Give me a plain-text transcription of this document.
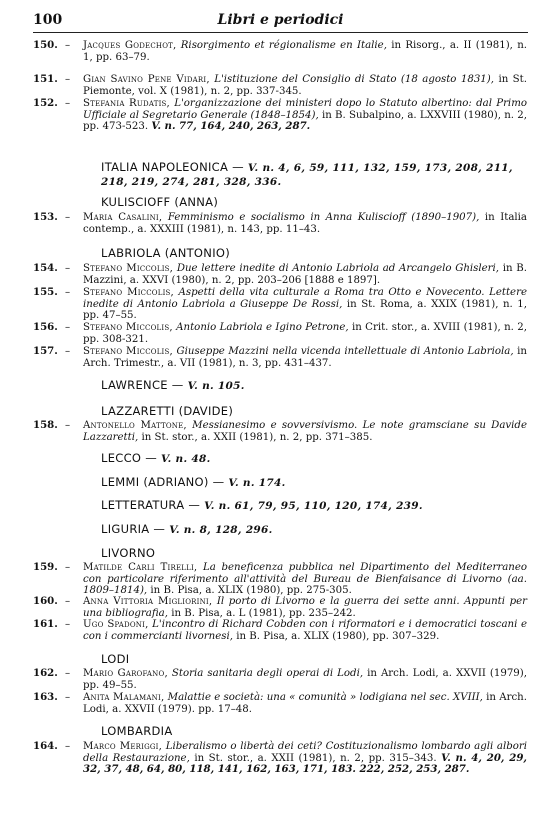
100	Libri e periodici
150. – Jacques Godechot, Risorgimento et régionalisme en Italie, in Risorg., a. II (1981), n. 1, pp. 63–79.
151. – Gian Savino Pene Vidari, L'istituzione del Consiglio di Stato (18 agosto 1831), in St. Piemonte, vol. X (1981), n. 2, pp. 337-345.
152. – Stefania Rudatis, L'organizzazione dei ministeri dopo lo Statuto albertino: dal Primo Ufficiale al Segretario Generale (1848–1854), in B. Subalpino, a. LXXVIII (1980), n. 2, pp. 473-523. V. n. 77, 164, 240, 263, 287.
ITALIA NAPOLEONICA — V. n. 4, 6, 59, 111, 132, 159, 173, 208, 211, 218, 219, 274, 281, 328, 336.
KULISCIOFF (ANNA)
153. – Maria Casalini, Femminismo e socialismo in Anna Kuliscioff (1890–1907), in Italia contemp., a. XXXIII (1981), n. 143, pp. 11–43.
LABRIOLA (ANTONIO)
154. – Stefano Miccolis, Due lettere inedite di Antonio Labriola ad Arcangelo Ghisleri, in B. Mazzini, a. XXVI (1980), n. 2, pp. 203–206 [1888 e 1897].
155. – Stefano Miccolis, Aspetti della vita culturale a Roma tra Otto e Novecento. Lettere inedite di Antonio Labriola a Giuseppe De Rossi, in St. Roma, a. XXIX (1981), n. 1, pp. 47–55.
156. – Stefano Miccolis, Antonio Labriola e Igino Petrone, in Crit. stor., a. XVIII (1981), n. 2, pp. 308-321.
157. – Stefano Miccolis, Giuseppe Mazzini nella vicenda intellettuale di Antonio Labriola, in Arch. Trimestr., a. VII (1981), n. 3, pp. 431–437.
LAWRENCE — V. n. 105.
LAZZARETTI (DAVIDE)
158. – Antonello Mattone, Messianesimo e sovversivismo. Le note gramsciane su Davide Lazzaretti, in St. stor., a. XXII (1981), n. 2, pp. 371–385.
LECCO — V. n. 48.
LEMMI (ADRIANO) — V. n. 174.
LETTERATURA — V. n. 61, 79, 95, 110, 120, 174, 239.
LIGURIA — V. n. 8, 128, 296.
LIVORNO
159. – Matilde Carli Tirelli, La beneficenza pubblica nel Dipartimento del Mediterraneo con particolare riferimento all'attività del Bureau de Bienfaisance di Livorno (aa. 1809–1814), in B. Pisa, a. XLIX (1980), pp. 275-305.
160. – Anna Vittoria Migliorini, Il porto di Livorno e la guerra dei sette anni. Appunti per una bibliografia, in B. Pisa, a. L (1981), pp. 235–242.
161. – Ugo Spadoni, L'incontro di Richard Cobden con i riformatori e i democratici toscani e con i commercianti livornesi, in B. Pisa, a. XLIX (1980), pp. 307–329.
LODI
162. – Mario Garofano, Storia sanitaria degli operai di Lodi, in Arch. Lodi, a. XXVII (1979), pp. 49–55.
163. – Anita Malamani, Malattie e società: una « comunità » lodigiana nel sec. XVIII, in Arch. Lodi, a. XXVII (1979). pp. 17–48.
LOMBARDIA
164. – Marco Meriggi, Liberalismo o libertà dei ceti? Costituzionalismo lombardo agli albori della Restaurazione, in St. stor., a. XXII (1981), n. 2, pp. 315–343. V. n. 4, 20, 29, 32, 37, 48, 64, 80, 118, 141, 162, 163, 171, 183. 222, 252, 253, 287.
